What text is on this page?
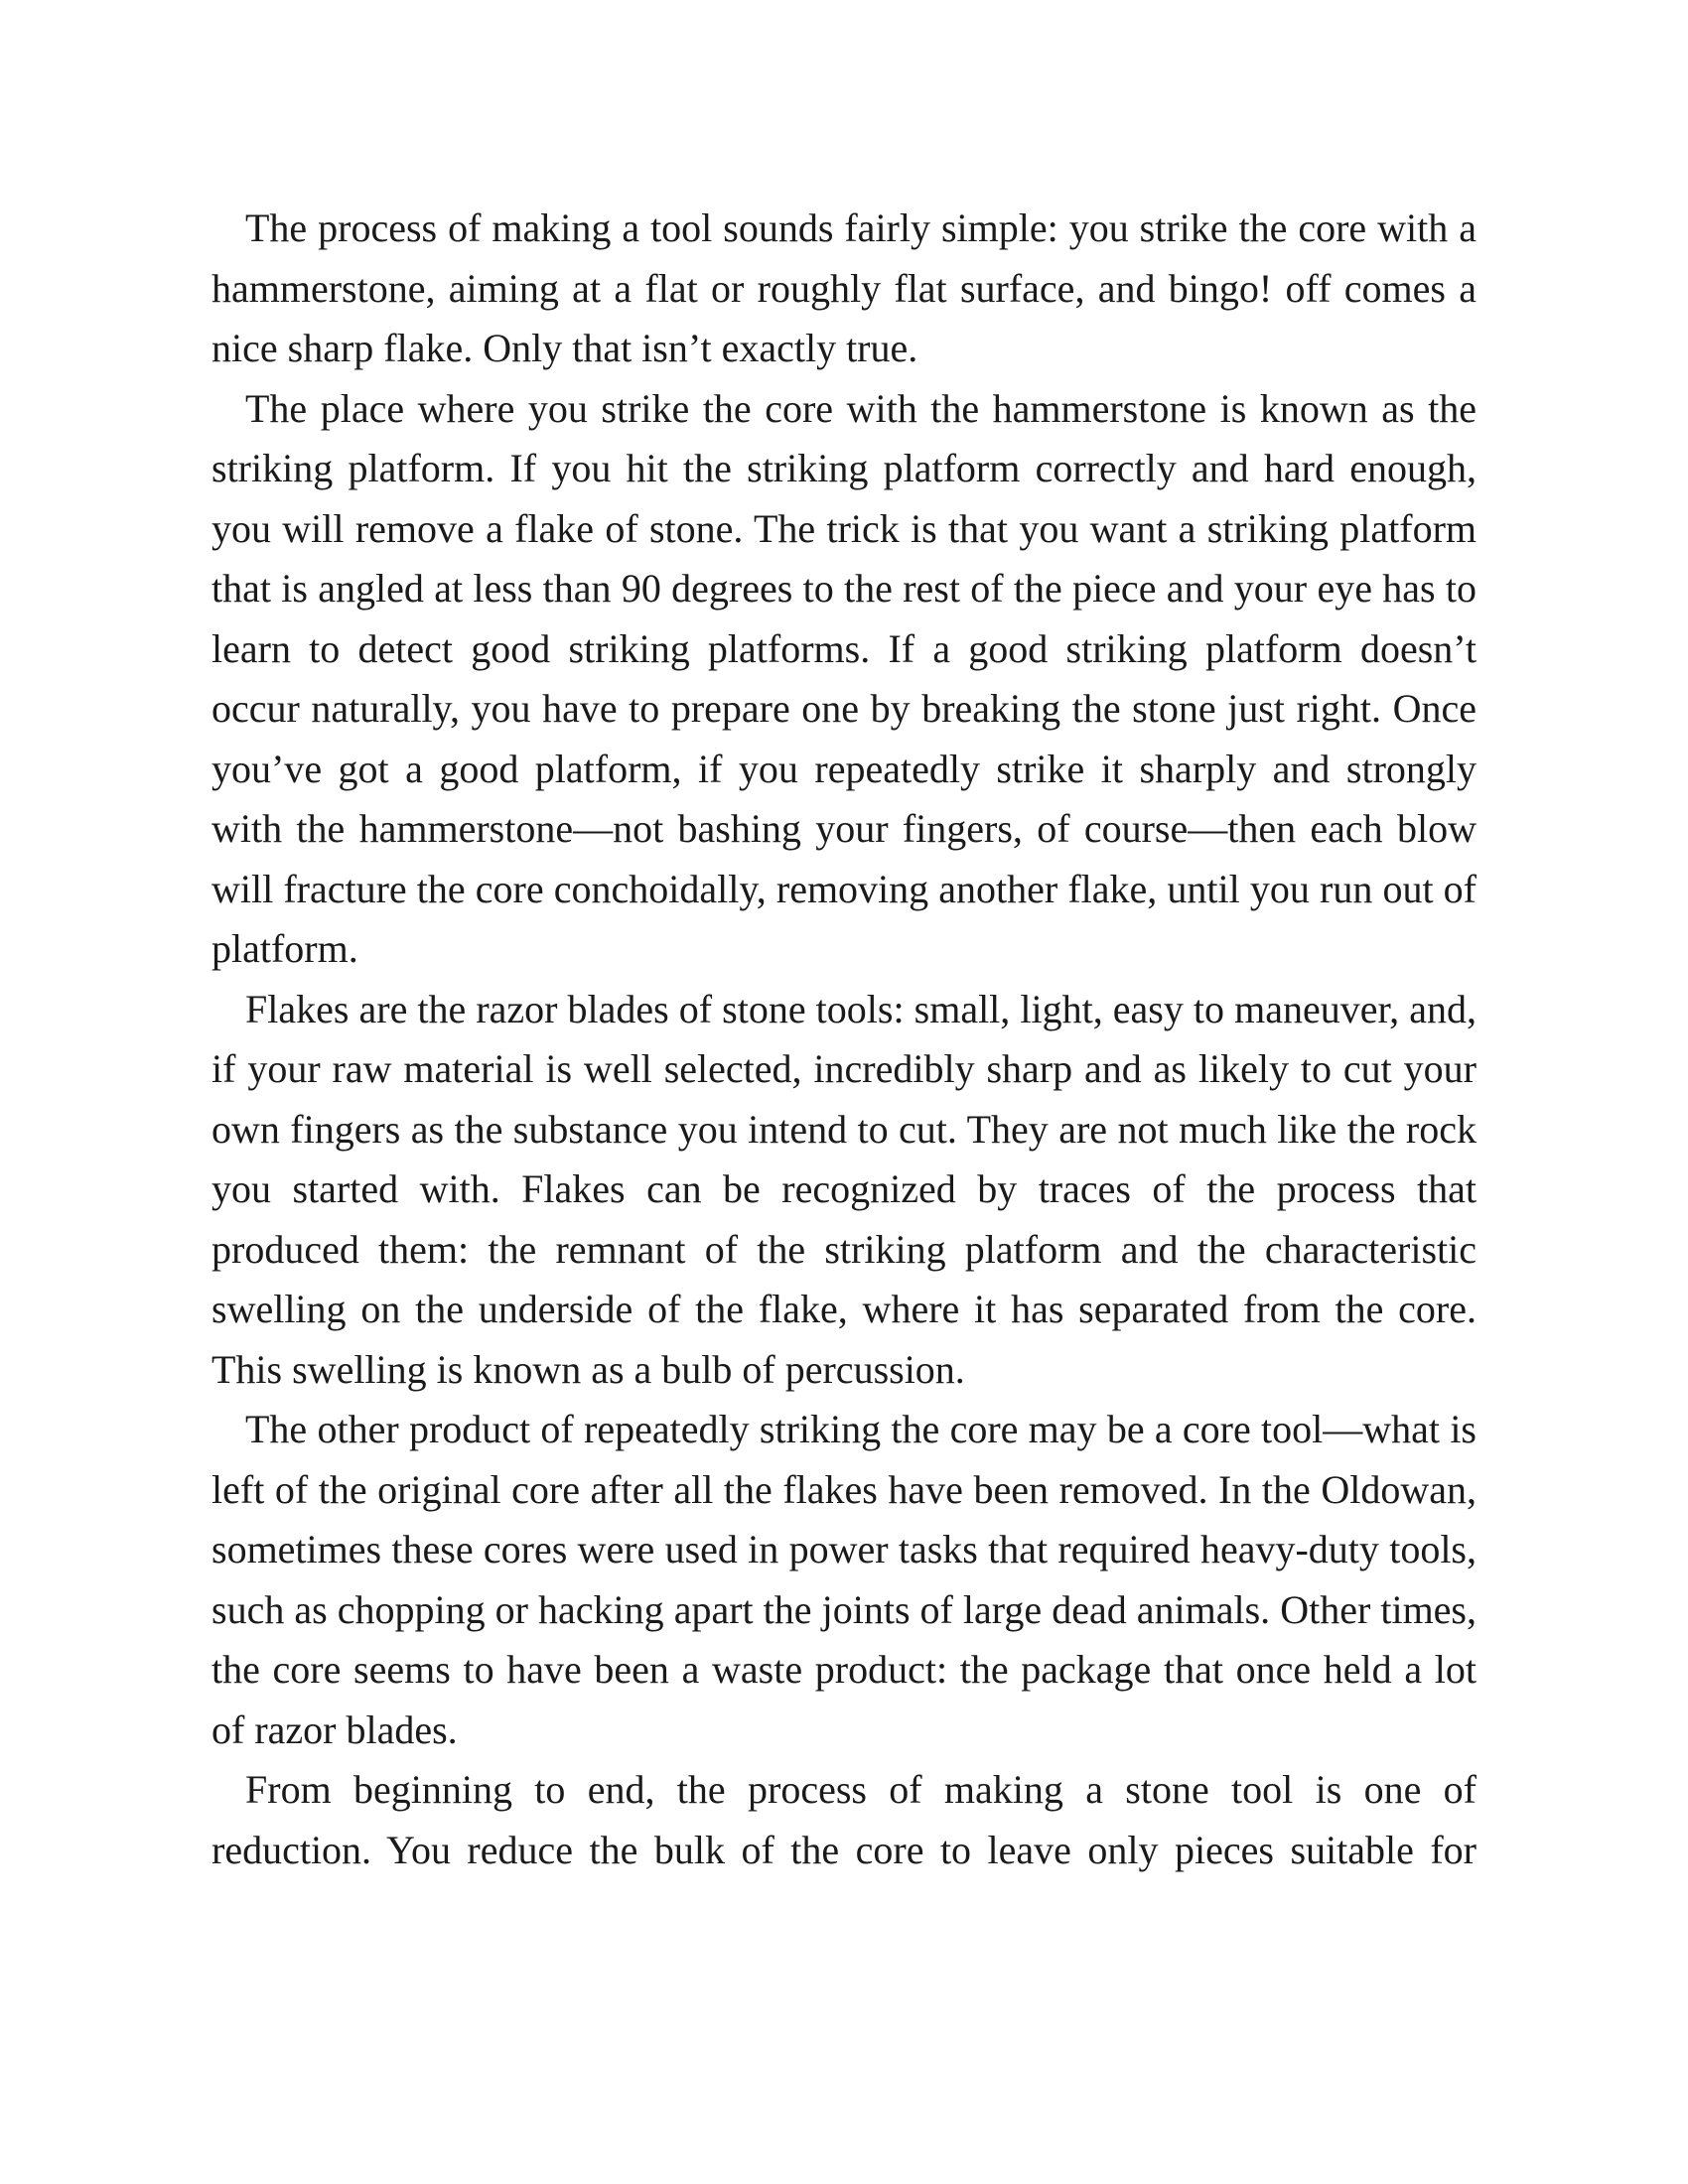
The process of making a tool sounds fairly simple: you strike the core with a hammerstone, aiming at a flat or roughly flat surface, and bingo! off comes a nice sharp flake. Only that isn’t exactly true.

The place where you strike the core with the hammerstone is known as the striking platform. If you hit the striking platform correctly and hard enough, you will remove a flake of stone. The trick is that you want a striking platform that is angled at less than 90 degrees to the rest of the piece and your eye has to learn to detect good striking platforms. If a good striking platform doesn’t occur naturally, you have to prepare one by breaking the stone just right. Once you’ve got a good platform, if you repeatedly strike it sharply and strongly with the hammerstone—not bashing your fingers, of course—then each blow will fracture the core conchoidally, removing another flake, until you run out of platform.

Flakes are the razor blades of stone tools: small, light, easy to maneuver, and, if your raw material is well selected, incredibly sharp and as likely to cut your own fingers as the substance you intend to cut. They are not much like the rock you started with. Flakes can be recognized by traces of the process that produced them: the remnant of the striking platform and the characteristic swelling on the underside of the flake, where it has separated from the core. This swelling is known as a bulb of percussion.

The other product of repeatedly striking the core may be a core tool—what is left of the original core after all the flakes have been removed. In the Oldowan, sometimes these cores were used in power tasks that required heavy-duty tools, such as chopping or hacking apart the joints of large dead animals. Other times, the core seems to have been a waste product: the package that once held a lot of razor blades.

From beginning to end, the process of making a stone tool is one of reduction. You reduce the bulk of the core to leave only pieces suitable for
